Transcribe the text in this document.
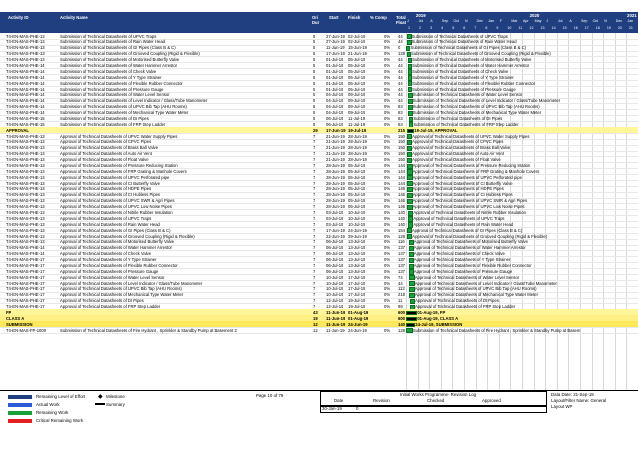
Activity ID	Activity Name	Ori Dur
Start Finish % Comp Total Float
2019	2020	2021
J	Jul A	Sep Oct N Dec Jan F	Mar Apr May J	Jul A	Sep Oct N	Dec Jan
1	2	3	4	5	6	7	8	9	10 11 12 13 14 15 16 17 18 19 20 21
T4-EN-MAS-PHE-13	Submission of Technical Datasheets of UPVC Traps	5	27-Jun-19 02-Jul-19	0% 44 Submission of Technical Datasheets of UPVC Traps
T4-EN-MAS-PHE-13	Submission of Technical Datasheets of Rain Water Head	5	27-Jun-19 02-Jul-19	0% 44 Submission of Technical Datasheets of Rain Water Head
T4-EN-MAS-PHE-13	Submission of Technical Datasheets of GI Pipes (Class B & C)	5	11-Jun-19 15-Jun-19	0% 0 Submission of Technical Datasheets of GI Pipes (Class B & C)
T4-EN-MAS-PHE-13	Submission of Technical Datasheets of Grooved Coupling (Rigid & Flexible)	5	17-Jun-19 21-Jun-19	0% 128 Submission of Technical Datasheets of Grooved Coupling (Rigid & Flexible)
T4-EN-MAS-PHE-13	Submission of Technical Datasheets of Motorised Butterfly Valve	5	01-Jul-19 05-Jul-19	0% 44 Submission of Technical Datasheets of Motorised Butterfly Valve
T4-EN-MAS-PHE-14	Submission of Technical Datasheets of Water Hammer Arrestor	5	01-Jul-19 05-Jul-19	0% 44 Submission of Technical Datasheets of Water Hammer Arrestor
T4-EN-MAS-PHE-14	Submission of Technical Datasheets of Check Valve	5	01-Jul-19 05-Jul-19	0% 44 Submission of Technical Datasheets of Check Valve
T4-EN-MAS-PHE-14	Submission of Technical Datasheets of Y Type Strainer	5	01-Jul-19 05-Jul-19	0% 44 Submission of Technical Datasheets of Y Type Strainer
T4-EN-MAS-PHE-14	Submission of Technical Datasheets of Flexible Rubber Connector	5	01-Jul-19 05-Jul-19	0% 44 Submission of Technical Datasheets of Flexible Rubber Connector
T4-EN-MAS-PHE-14	Submission of Technical Datasheets of Pressure Gauge	5	01-Jul-19 05-Jul-19	0% 44 Submission of Technical Datasheets of Pressure Gauge
T4-EN-MAS-PHE-14	Submission of Technical Datasheets of Water Level Sensor	5	04-Jul-19 09-Jul-19	0% 44 Submission of Technical Datasheets of Water Level Sensor
T4-EN-MAS-PHE-14	Submission of Technical Datasheets of Level Indicator / Glass/Tube Manometer	5	04-Jul-19 09-Jul-19	0% 44 Submission of Technical Datasheets of Level Indicator / Glass/Tube Manometer
T4-EN-MAS-PHE-14	Submission of Technical Datasheets of UPVC Bib Tap (AHU Rooms)	5	04-Jul-19 09-Jul-19	0% 63 Submission of Technical Datasheets of UPVC Bib Tap (AHU Rooms)
T4-EN-MAS-PHE-14	Submission of Technical Datasheets of Mechanical Type Water Meter	5	04-Jul-19 09-Jul-19	0% 63 Submission of Technical Datasheets of Mechanical Type Water Meter
T4-EN-MAS-PHE-15	Submission of Technical Datasheets of DI Pipes	5	06-Jul-19 11-Jul-19	0% 63	Submission of Technical Datasheets of DI Pipes
T4-EN-MAS-PHE-15	Submission of Technical Datasheets of FRP Step Ladder	5	06-Jul-19 11-Jul-19	0% 63	Submission of Technical Datasheets of FRP Step Ladder
APPROVAL	29 17-Jun-19 19-Jul-19	215 19-Jul-19, APPROVAL
T4-EN-MAS-PHE-13	Approval of Technical Datasheets of UPVC Water Supply Pipes	7	21-Jun-19 28-Jun-19	0% 150 Approval of Technical Datasheets of UPVC Water Supply Pipes
T4-EN-MAS-PHE-13	Approval of Technical Datasheets of CPVC Pipes	7	21-Jun-19 28-Jun-19	0% 150 Approval of Technical Datasheets of CPVC Pipes
T4-EN-MAS-PHE-13	Approval of Technical Datasheets of Brass Ball Valve	7	21-Jun-19 28-Jun-19	0% 150 Approval of Technical Datasheets of Brass Ball Valve
T4-EN-MAS-PHE-13	Approval of Technical Datasheets of Auto Air Vent	7	21-Jun-19 28-Jun-19	0% 150 Approval of Technical Datasheets of Auto Air Vent
T4-EN-MAS-PHE-13	Approval of Technical Datasheets of Float Valve	7	21-Jun-19 28-Jun-19	0% 150 Approval of Technical Datasheets of Float Valve
T4-EN-MAS-PHE-13	Approval of Technical Datasheets of Pressure Reducing Station	7	28-Jun-19 05-Jul-19	0% 144 Approval of Technical Datasheets of Pressure Reducing Station
T4-EN-MAS-PHE-13	Approval of Technical Datasheets of FRP Grating & Manhole Covers	7	28-Jun-19 05-Jul-19	0% 144 Approval of Technical Datasheets of FRP Grating & Manhole Covers
T4-EN-MAS-PHE-13	Approval of Technical Datasheets of UPVC Perforated pipe	7	28-Jun-19 05-Jul-19	0% 144 Approval of Technical Datasheets of UPVC Perforated pipe
T4-EN-MAS-PHE-13	Approval of Technical Datasheets of CI Butterfly Valve	7	28-Jun-19 05-Jul-19	0% 144 Approval of Technical Datasheets of CI Butterfly Valve
T4-EN-MAS-PHE-13	Approval of Technical Datasheets of HDPE Pipes	7	28-Jun-19 05-Jul-19	0% 146 Approval of Technical Datasheets of HDPE Pipes
T4-EN-MAS-PHE-13	Approval of Technical Datasheets of CI Hubless Pipes	7	28-Jun-19 05-Jul-19	0% 146 Approval of Technical Datasheets of CI Hubless Pipes
T4-EN-MAS-PHE-13	Approval of Technical Datasheets of UPVC SWR & Agri Pipes	7	28-Jun-19 05-Jul-19	0% 146 Approval of Technical Datasheets of UPVC SWR & Agri Pipes
T4-EN-MAS-PHE-13	Approval of Technical Datasheets of UPVC Low Noise Pipes	7	28-Jun-19 05-Jul-19	0% 146 Approval of Technical Datasheets of UPVC Low Noise Pipes
T4-EN-MAS-PHE-13	Approval of Technical Datasheets of Nitrile Rubber Insulation	7	03-Jul-19 10-Jul-19	0% 140 Approval of Technical Datasheets of Nitrile Rubber Insulation
T4-EN-MAS-PHE-13	Approval of Technical Datasheets of UPVC Traps	7	03-Jul-19 10-Jul-19	0% 140 Approval of Technical Datasheets of UPVC Traps
T4-EN-MAS-PHE-13	Approval of Technical Datasheets of Rain Water Head	7	03-Jul-19 10-Jul-19	0% 140 Approval of Technical Datasheets of Rain Water Head
T4-EN-MAS-PHE-13	Approval of Technical Datasheets of GI Pipes (Class B & C)	7	17-Jun-19 24-Jun-19	0% 154 Approval of Technical Datasheets of GI Pipes (Class B & C)
T4-EN-MAS-PHE-13	Approval of Technical Datasheets of Grooved Coupling (Rigid & Flexible)	7	22-Jun-19 29-Jun-19	0% 128 Approval of Technical Datasheets of Grooved Coupling (Rigid & Flexible)
T4-EN-MAS-PHE-13	Approval of Technical Datasheets of Motorised Butterfly Valve	7	06-Jul-19 13-Jul-19	0% 116 Approval of Technical Datasheets of Motorised Butterfly Valve
T4-EN-MAS-PHE-14	Approval of Technical Datasheets of Water Hammer Arrestor	7	06-Jul-19 13-Jul-19	0% 137 Approval of Technical Datasheets of Water Hammer Arrestor
T4-EN-MAS-PHE-14	Approval of Technical Datasheets of Check Valve	7	06-Jul-19 13-Jul-19	0% 137 Approval of Technical Datasheets of Check Valve
T4-EN-MAS-PHE-17	Approval of Technical Datasheets of Y Type Strainer	7	06-Jul-19 13-Jul-19	0% 137 Approval of Technical Datasheets of Y Type Strainer
T4-EN-MAS-PHE-17	Approval of Technical Datasheets of Flexible Rubber Connector	7	06-Jul-19 13-Jul-19	0% 137 Approval of Technical Datasheets of Flexible Rubber Connector
T4-EN-MAS-PHE-17	Approval of Technical Datasheets of Pressure Gauge	7	06-Jul-19 13-Jul-19	0% 137 Approval of Technical Datasheets of Pressure Gauge
T4-EN-MAS-PHE-17	Approval of Technical Datasheets of Water Level Sensor	7	10-Jul-19 17-Jul-19	0% 74	Approval of Technical Datasheets of Water Level Sensor
T4-EN-MAS-PHE-17	Approval of Technical Datasheets of Level Indicator / Glass/Tube Manometer	7	10-Jul-19 17-Jul-19	0% 44	Approval of Technical Datasheets of Level Indicator / Glass/Tube Manometer
T4-EN-MAS-PHE-17	Approval of Technical Datasheets of UPVC Bib Tap (AHU Rooms)	7	10-Jul-19 17-Jul-19	0% 113 Approval of Technical Datasheets of UPVC Bib Tap (AHU Rooms)
T4-EN-MAS-PHE-17	Approval of Technical Datasheets of Mechanical Type Water Meter	7	10-Jul-19 17-Jul-19	0% 218 Approval of Technical Datasheets of Mechanical Type Water Meter
T4-EN-MAS-PHE-17	Approval of Technical Datasheets of DI Pipes	7	12-Jul-19 19-Jul-19	0% 11	Approval of Technical Datasheets of DI Pipes
T4-EN-MAS-PHE-17	Approval of Technical Datasheets of FRP Step Ladder	7	12-Jul-19 19-Jul-19	0% 99	Approval of Technical Datasheets of FRP Step Ladder
FP	43 11-Jun-19 01-Aug-19	600	01-Aug-19, FP
CLASS A	19 11-Jun-19 01-Aug-19	600	01-Aug-19, CLASS A
SUBMISSION	12 11-Jun-19 24-Jun-19	140 24-Jul-19, SUBMISSION
T4-EN-MAS-FP-1000	Submission of Technical Datasheets of Fire Hydrant , Sprinkler & Standby Pump at Basement 2	12 11-Jun-19 24-Jun-19	0% 128 Submission of Technical Datasheets of Fire Hydrant , Sprinkler & Standby Pump at Basem
Remaining Level of Effort
Actual Work
Remaining Work
Critical Remaining Work
◆ Milestone
Summary
Page 10 of 79	Initial Works Programme- Revision Log
Date	Revision	Checked	Approved
30-Jan-19	0
Data Date: 21-Sep-19
Layout/Filter Name: General
Layout WP
